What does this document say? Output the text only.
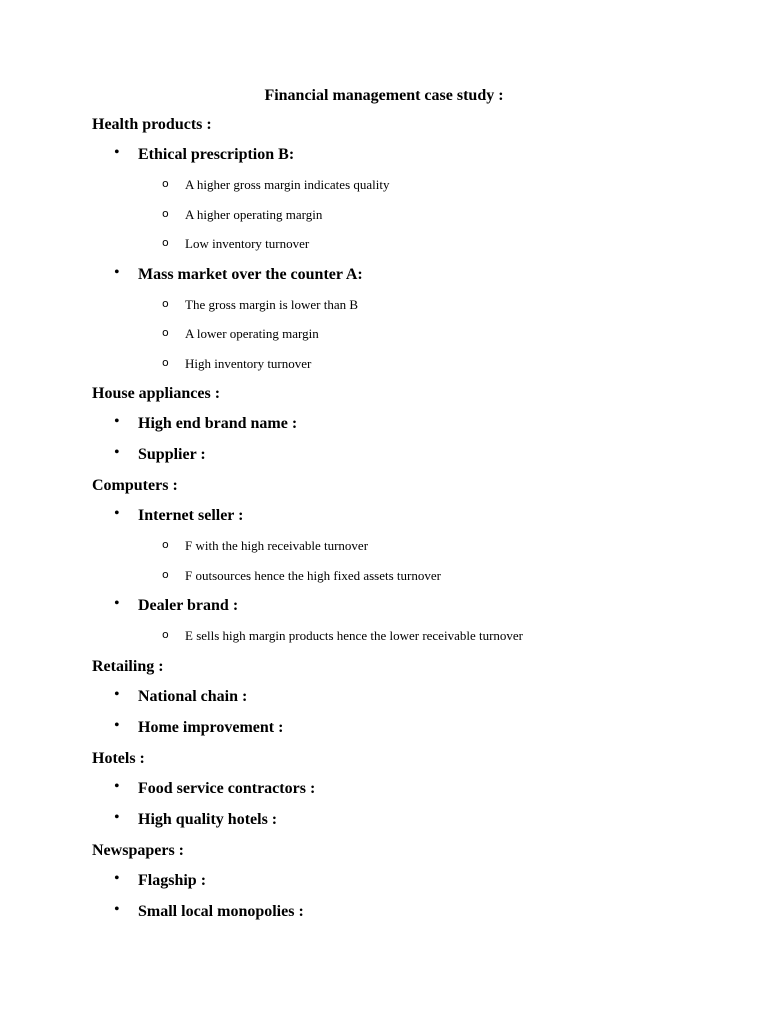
Financial management case study :
Health products :
• Ethical prescription B:
o A higher gross margin indicates quality
o A higher operating margin
o Low inventory turnover
• Mass market over the counter A:
o The gross margin is lower than B
o A lower operating margin
o High inventory turnover
House appliances :
• High end brand name :
• Supplier :
Computers :
• Internet seller :
o F with the high receivable turnover
o F outsources hence the high fixed assets turnover
• Dealer brand :
o E sells high margin products hence the lower receivable turnover
Retailing :
• National chain :
• Home improvement :
Hotels :
• Food service contractors :
• High quality hotels :
Newspapers :
• Flagship :
• Small local monopolies :
